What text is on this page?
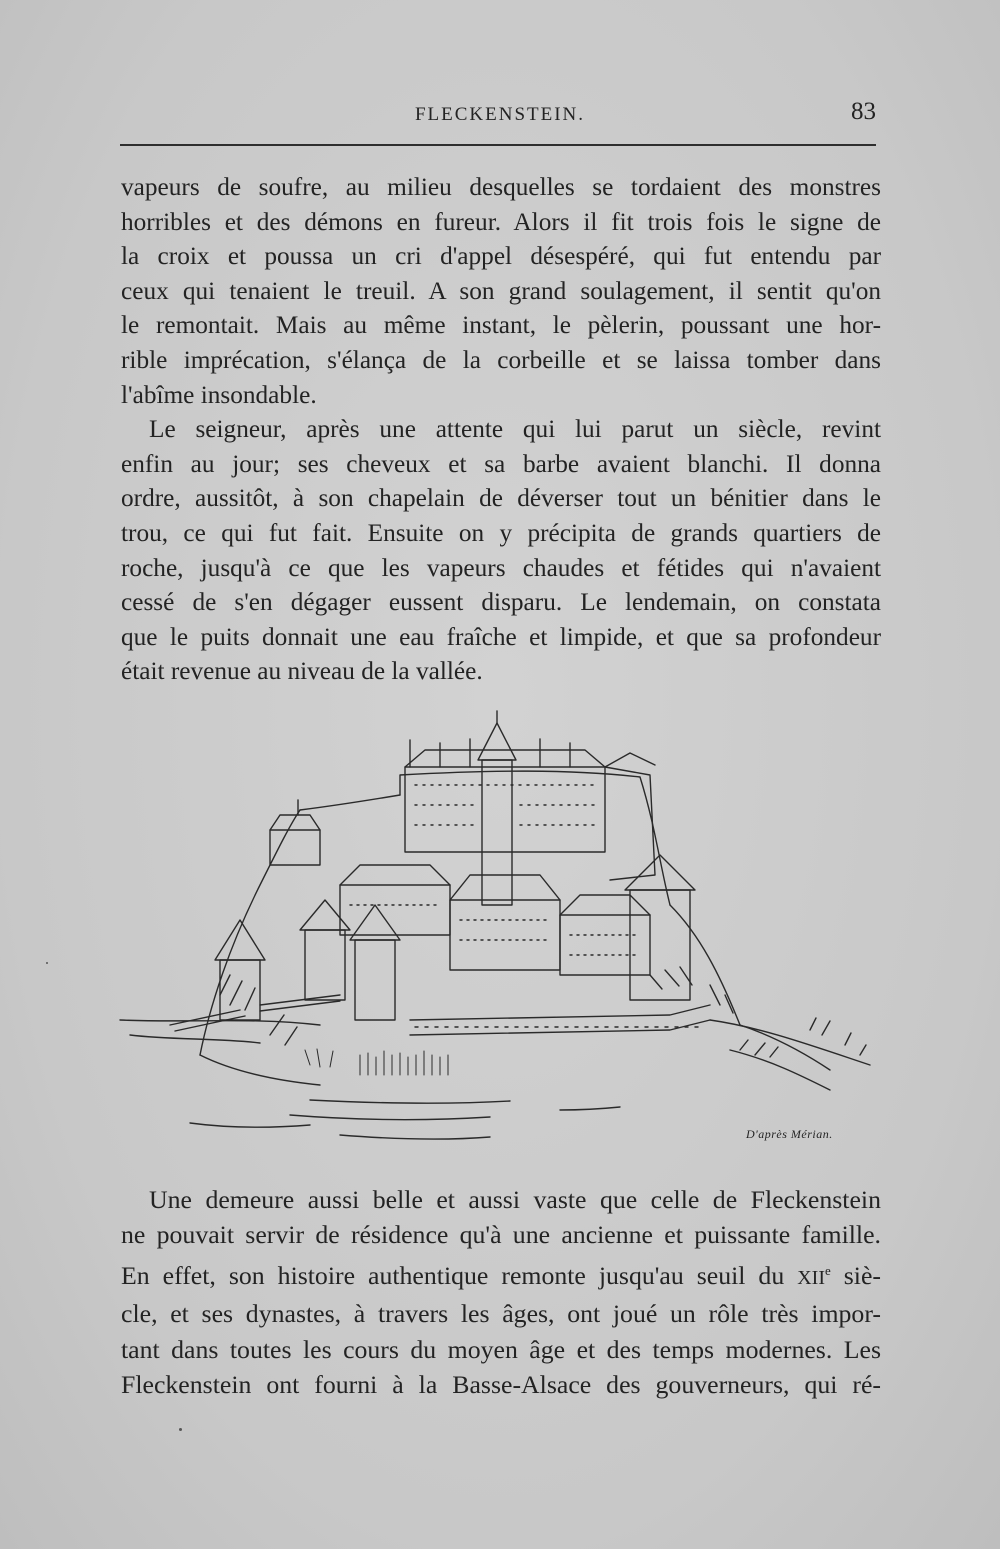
FLECKENSTEIN.	83
vapeurs de soufre, au milieu desquelles se tordaient des monstres
horribles et des démons en fureur. Alors il fit trois fois le signe de
la croix et poussa un cri d'appel désespéré, qui fut entendu par
ceux qui tenaient le treuil. A son grand soulagement, il sentit qu'on
le remontait. Mais au même instant, le pèlerin, poussant une hor-
rible imprécation, s'élança de la corbeille et se laissa tomber dans
l'abîme insondable.
Le seigneur, après une attente qui lui parut un siècle, revint
enfin au jour; ses cheveux et sa barbe avaient blanchi. Il donna
ordre, aussitôt, à son chapelain de déverser tout un bénitier dans le
trou, ce qui fut fait. Ensuite on y précipita de grands quartiers de
roche, jusqu'à ce que les vapeurs chaudes et fétides qui n'avaient
cessé de s'en dégager eussent disparu. Le lendemain, on constata
que le puits donnait une eau fraîche et limpide, et que sa profondeur
était revenue au niveau de la vallée.
D'après Mérian.
Une demeure aussi belle et aussi vaste que celle de Fleckenstein
ne pouvait servir de résidence qu'à une ancienne et puissante famille.
En effet, son histoire authentique remonte jusqu'au seuil du XIIe siè-
cle, et ses dynastes, à travers les âges, ont joué un rôle très impor-
tant dans toutes les cours du moyen âge et des temps modernes. Les
Fleckenstein ont fourni à la Basse-Alsace des gouverneurs, qui ré-
